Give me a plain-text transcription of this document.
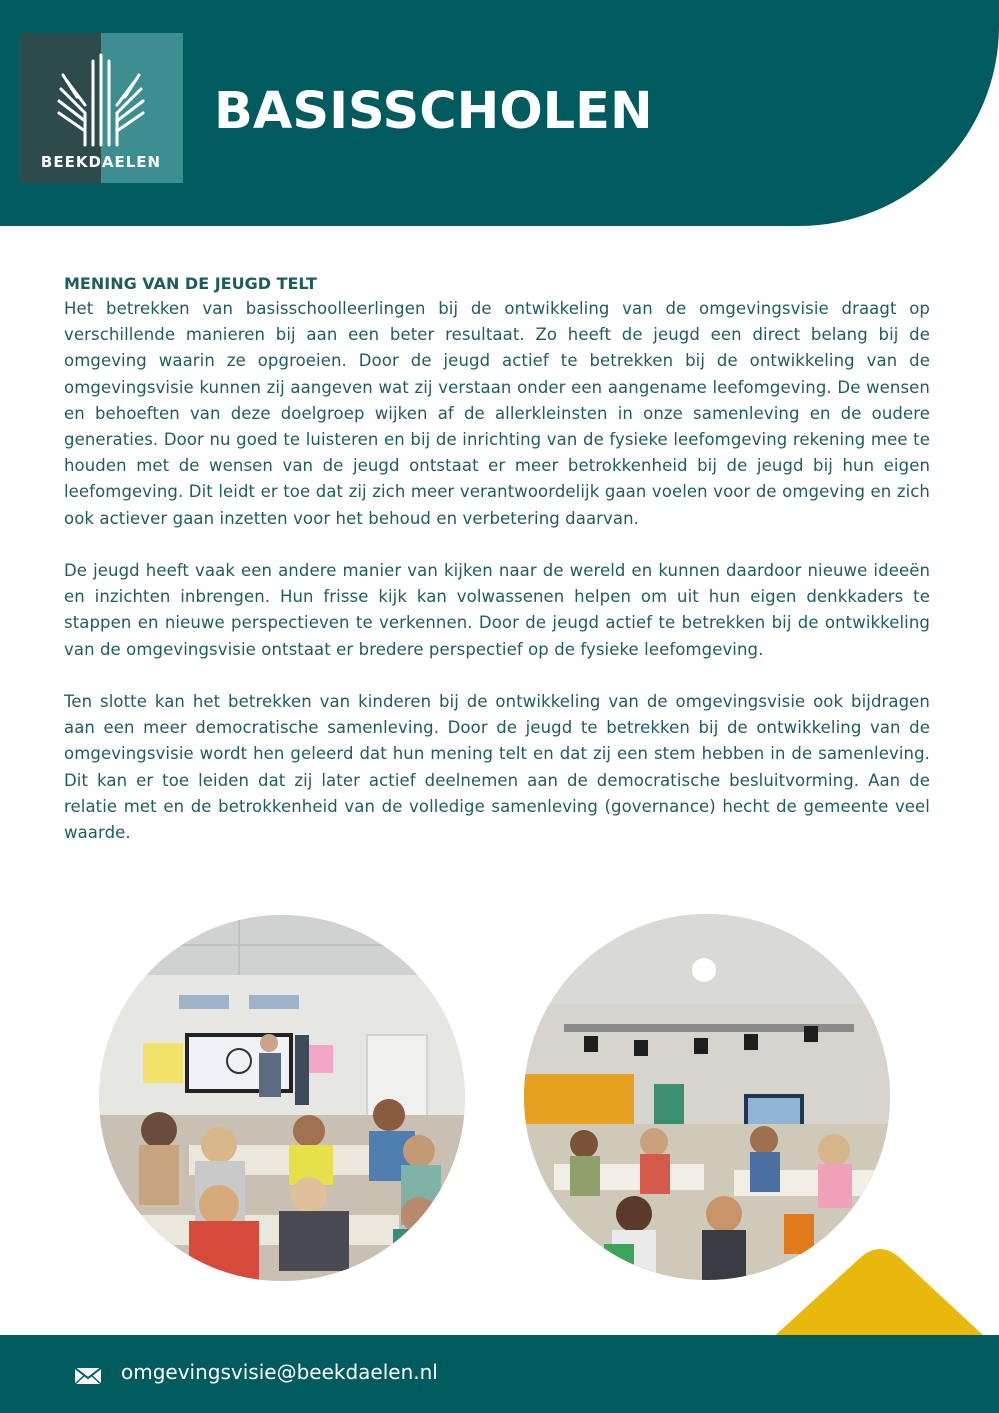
BEEKDAELEN
BASISSCHOLEN
MENING VAN DE JEUGD TELT

Het betrekken van basisschoolleerlingen bij de ontwikkeling van de omgevingsvisie draagt op verschillende manieren bij aan een beter resultaat. Zo heeft de jeugd een direct belang bij de omgeving waarin ze opgroeien. Door de jeugd actief te betrekken bij de ontwikkeling van de omgevingsvisie kunnen zij aangeven wat zij verstaan onder een aangename leefomgeving. De wensen en behoeften van deze doelgroep wijken af de allerkleinsten in onze samenleving en de oudere generaties. Door nu goed te luisteren en bij de inrichting van de fysieke leefomgeving rekening mee te houden met de wensen van de jeugd ontstaat er meer betrokkenheid bij de jeugd bij hun eigen leefomgeving. Dit leidt er toe dat zij zich meer verantwoordelijk gaan voelen voor de omgeving en zich ook actiever gaan inzetten voor het behoud en verbetering daarvan.

De jeugd heeft vaak een andere manier van kijken naar de wereld en kunnen daardoor nieuwe ideeën en inzichten inbrengen. Hun frisse kijk kan volwassenen helpen om uit hun eigen denkkaders te stappen en nieuwe perspectieven te verkennen. Door de jeugd actief te betrekken bij de ontwikkeling van de omgevingsvisie ontstaat er bredere perspectief op de fysieke leefomgeving.

Ten slotte kan het betrekken van kinderen bij de ontwikkeling van de omgevingsvisie ook bijdragen aan een meer democratische samenleving. Door de jeugd te betrekken bij de ontwikkeling van de omgevingsvisie wordt hen geleerd dat hun mening telt en dat zij een stem hebben in de samenleving. Dit kan er toe leiden dat zij later actief deelnemen aan de democratische besluitvorming. Aan de relatie met en de betrokkenheid van de volledige samenleving (governance) hecht de gemeente veel waarde.

omgevingsvisie@beekdaelen.nl
